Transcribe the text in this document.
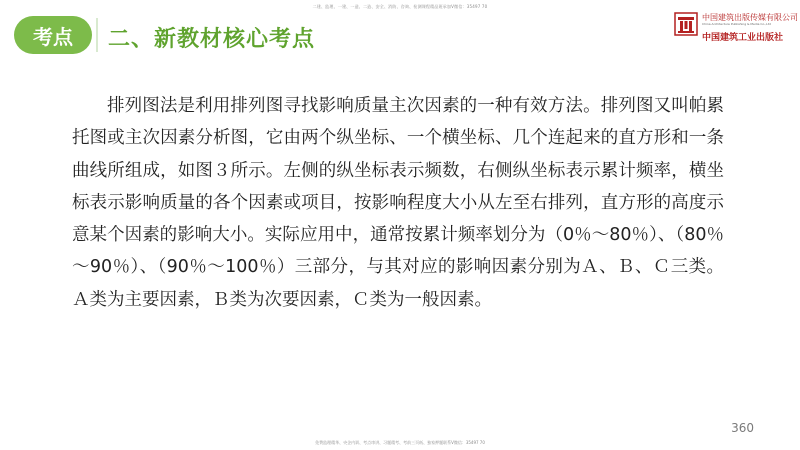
二建、监理、一建、一造、二造、安全、消防、咨询、检测课程精品班承加V微信：35497 70
考点 二、新教材核心考点
中国建筑出版传媒有限公司
China Architecture Publishing & Media Co.,Ltd
中国建筑工业出版社
排列图法是利用排列图寻找影响质量主次因素的一种有效方法。排列图又叫帕累托图或主次因素分析图，它由两个纵坐标、一个横坐标、几个连起来的直方形和一条曲线所组成，如图３所示。左侧的纵坐标表示频数，右侧纵坐标表示累计频率，横坐标表示影响质量的各个因素或项目，按影响程度大小从左至右排列，直方形的高度示意某个因素的影响大小。实际应用中，通常按累计频率划分为（0％～80％）、（80％～90％）、（90％～100％）三部分，与其对应的影响因素分别为Ａ、Ｂ、Ｃ三类。Ａ类为主要因素，Ｂ类为次要因素，Ｃ类为一般因素。
360
免费监理精华、央企内训、考点串讲、习题精考、考前三页纸、独家押题联系V微信：35497 70
